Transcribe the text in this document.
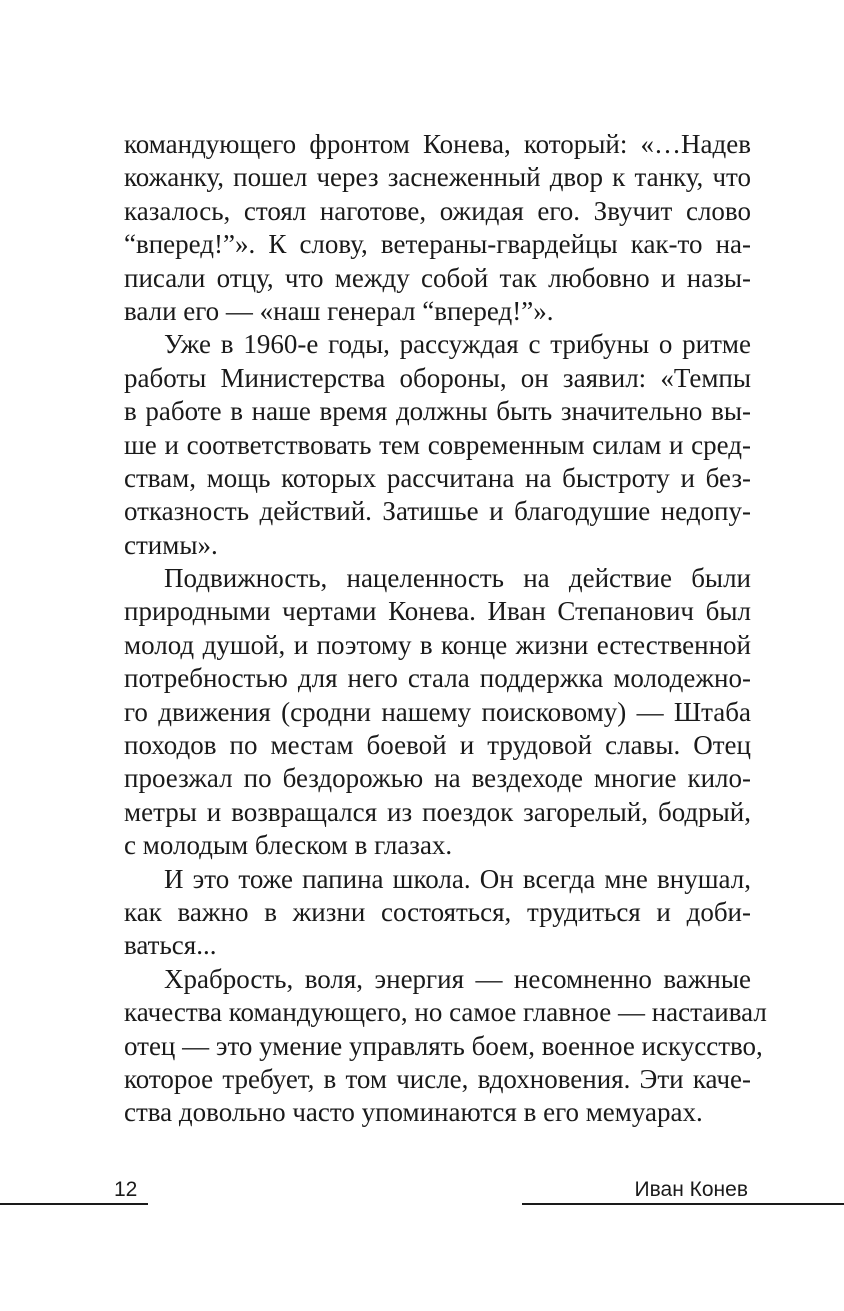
командующего фронтом Конева, который: «…Надев
кожанку, пошел через заснеженный двор к танку, что
казалось, стоял наготове, ожидая его. Звучит слово
“вперед!”». К слову, ветераны-гвардейцы как-то на-
писали отцу, что между собой так любовно и назы-
вали его — «наш генерал “вперед!”».
Уже в 1960-е годы, рассуждая с трибуны о ритме
работы Министерства обороны, он заявил: «Темпы
в работе в наше время должны быть значительно вы-
ше и соответствовать тем современным силам и сред-
ствам, мощь которых рассчитана на быстроту и без-
отказность действий. Затишье и благодушие недопу-
стимы».
Подвижность, нацеленность на действие были
природными чертами Конева. Иван Степанович был
молод душой, и поэтому в конце жизни естественной
потребностью для него стала поддержка молодежно-
го движения (сродни нашему поисковому) — Штаба
походов по местам боевой и трудовой славы. Отец
проезжал по бездорожью на вездеходе многие кило-
метры и возвращался из поездок загорелый, бодрый,
с молодым блеском в глазах.
И это тоже папина школа. Он всегда мне внушал,
как важно в жизни состояться, трудиться и доби-
ваться...
Храбрость, воля, энергия — несомненно важные
качества командующего, но самое главное — настаивал
отец — это умение управлять боем, военное искусство,
которое требует, в том числе, вдохновения. Эти каче-
ства довольно часто упоминаются в его мемуарах.
12	Иван Конев
